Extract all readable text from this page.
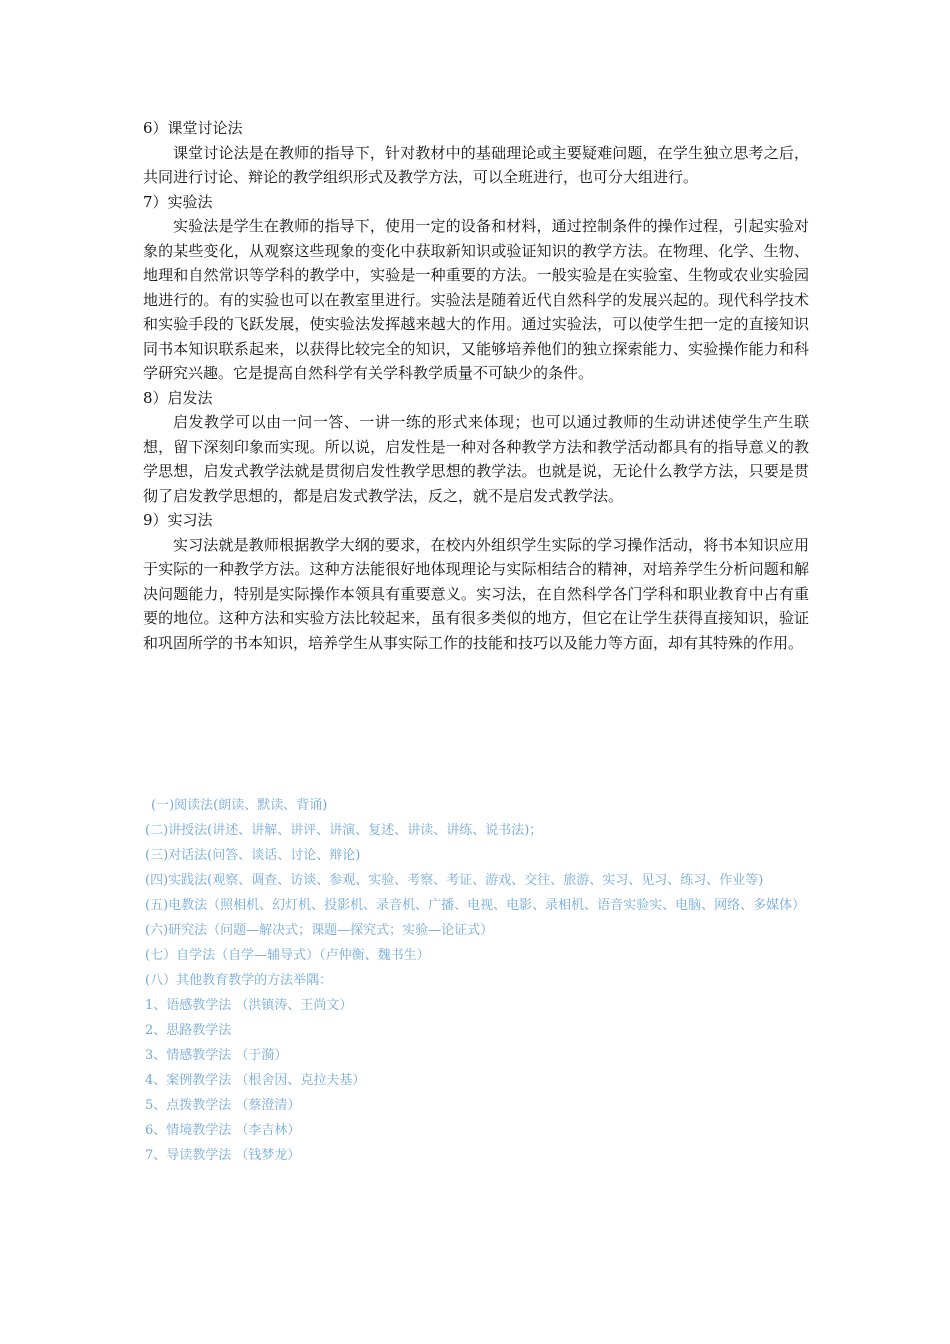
6）课堂讨论法

课堂讨论法是在教师的指导下，针对教材中的基础理论或主要疑难问题，在学生独立思考之后，共同进行讨论、辩论的教学组织形式及教学方法，可以全班进行，也可分大组进行。

7）实验法

实验法是学生在教师的指导下，使用一定的设备和材料，通过控制条件的操作过程，引起实验对象的某些变化，从观察这些现象的变化中获取新知识或验证知识的教学方法。在物理、化学、生物、地理和自然常识等学科的教学中，实验是一种重要的方法。一般实验是在实验室、生物或农业实验园地进行的。有的实验也可以在教室里进行。实验法是随着近代自然科学的发展兴起的。现代科学技术和实验手段的飞跃发展，使实验法发挥越来越大的作用。通过实验法，可以使学生把一定的直接知识同书本知识联系起来，以获得比较完全的知识，又能够培养他们的独立探索能力、实验操作能力和科学研究兴趣。它是提高自然科学有关学科教学质量不可缺少的条件。

8）启发法

启发教学可以由一问一答、一讲一练的形式来体现；也可以通过教师的生动讲述使学生产生联想，留下深刻印象而实现。所以说，启发性是一种对各种教学方法和教学活动都具有的指导意义的教学思想，启发式教学法就是贯彻启发性教学思想的教学法。也就是说，无论什么教学方法，只要是贯彻了启发教学思想的，都是启发式教学法，反之，就不是启发式教学法。

9）实习法

实习法就是教师根据教学大纲的要求，在校内外组织学生实际的学习操作活动，将书本知识应用于实际的一种教学方法。这种方法能很好地体现理论与实际相结合的精神，对培养学生分析问题和解决问题能力，特别是实际操作本领具有重要意义。实习法，在自然科学各门学科和职业教育中占有重要的地位。这种方法和实验方法比较起来，虽有很多类似的地方，但它在让学生获得直接知识，验证和巩固所学的书本知识，培养学生从事实际工作的技能和技巧以及能力等方面，却有其特殊的作用。

(一)阅读法(朗读、默读、背诵)

(二)讲授法(讲述、讲解、讲评、讲演、复述、讲读、讲练、说书法)；

(三)对话法(问答、谈话、讨论、辩论)

(四)实践法(观察、调查、访谈、参观、实验、考察、考证、游戏、交往、旅游、实习、见习、练习、作业等)

(五)电教法（照相机、幻灯机、投影机、录音机、广播、电视、电影、录相机、语音实验实、电脑、网络、多媒体）

(六)研究法（问题—解决式；课题—探究式；实验—论证式）

(七）自学法（自学—辅导式）（卢仲衡、魏书生）

(八）其他教育教学的方法举隅：

1、语感教学法 （洪镇涛、王尚文）

2、思路教学法

3、情感教学法 （于漪）

4、案例教学法 （根舍因、克拉夫基）

5、点拨教学法 （蔡澄清）

6、情境教学法 （李吉林）

7、导读教学法 （钱梦龙）
